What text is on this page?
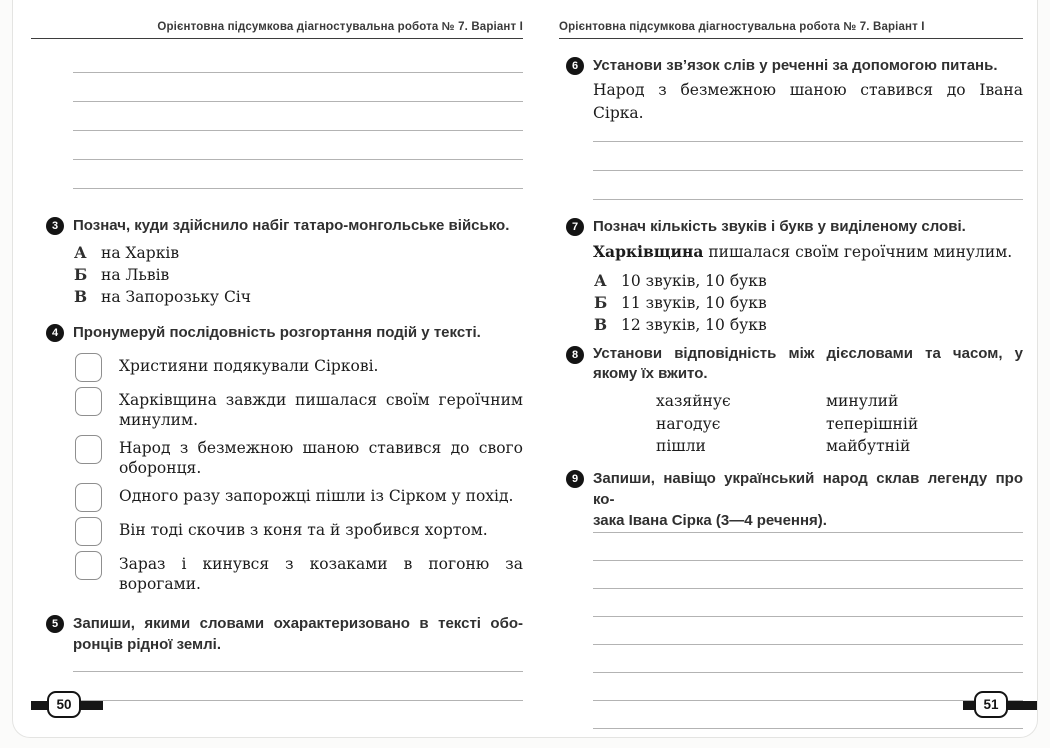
Орієнтовна підсумкова діагностувальна робота № 7. Варіант I
3 Познач, куди здійснило набіг татаро-монгольське військо.

А на Харків
Б на Львів
В на Запорозьку Січ
4 Пронумеруй послідовність розгортання подій у тексті.

Християни подякували Сіркові.
Харківщина завжди пишалася своїм героїчним минулим.
Народ з безмежною шаною ставився до свого оборонця.
Одного разу запорожці пішли із Сірком у похід.
Він тоді скочив з коня та й зробився хортом.
Зараз і кинувся з козаками в погоню за ворогами.
5 Запиши, якими словами охарактеризовано в тексті обо-

ронців рідної землі.

Орієнтовна підсумкова діагностувальна робота № 7. Варіант I
6 Установи зв’язок слів у реченні за допомогою питань.

Народ з безмежною шаною ставився до Івана Сірка.

7 Познач кількість звуків і букв у виділеному слові.

Харківщина пишалася своїм героїчним минулим.

А 10 звуків, 10 букв
Б 11 звуків, 10 букв
В 12 звуків, 10 букв
8 Установи відповідність між дієсловами та часом, у якому їх вжито.

хазяйнує
нагодує
пішли
минулий
теперішній
майбутній
9 Запиши, навіщо український народ склав легенду про ко-

зака Івана Сірка (3—4 речення).

50	51
